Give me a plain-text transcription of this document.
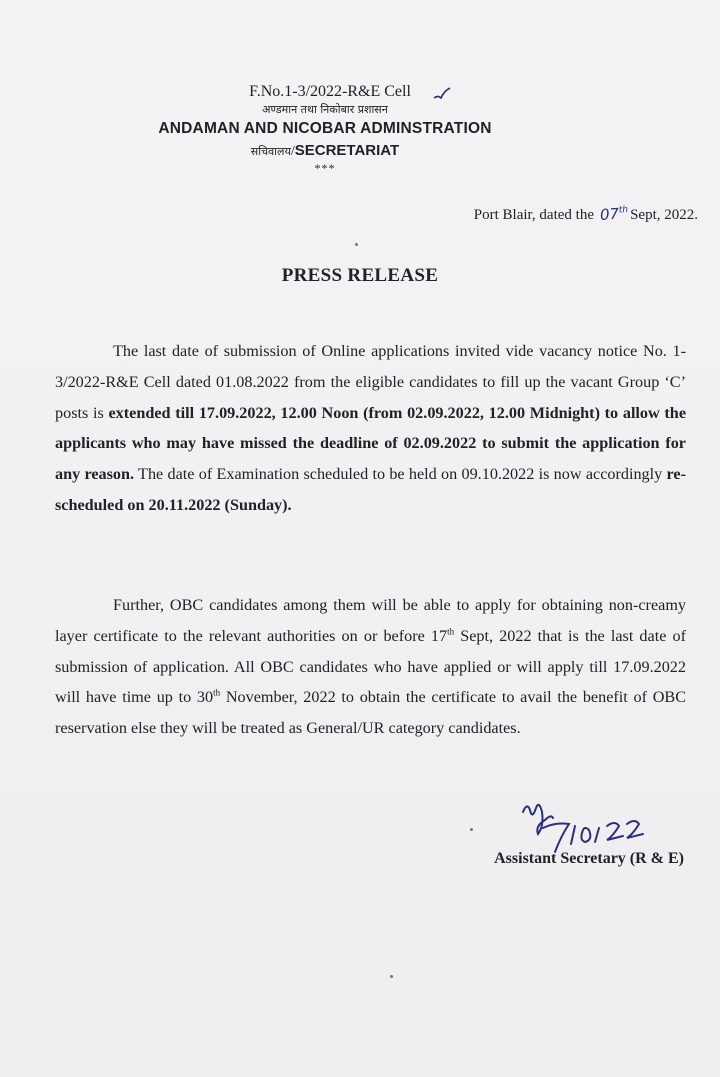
F.No.1-3/2022-R&E Cell
अण्डमान तथा निकोबार प्रशासन
ANDAMAN AND NICOBAR ADMINSTRATION
सचिवालय/SECRETARIAT
***
Port Blair, dated the 07th Sept, 2022.
PRESS RELEASE

The last date of submission of Online applications invited vide vacancy notice No. 1-3/2022-R&E Cell dated 01.08.2022 from the eligible candidates to fill up the vacant Group ‘C’ posts is extended till 17.09.2022, 12.00 Noon (from 02.09.2022, 12.00 Midnight) to allow the applicants who may have missed the deadline of 02.09.2022 to submit the application for any reason. The date of Examination scheduled to be held on 09.10.2022 is now accordingly re-scheduled on 20.11.2022 (Sunday).

Further, OBC candidates among them will be able to apply for obtaining non-creamy layer certificate to the relevant authorities on or before 17th Sept, 2022 that is the last date of submission of application. All OBC candidates who have applied or will apply till 17.09.2022 will have time up to 30th November, 2022 to obtain the certificate to avail the benefit of OBC reservation else they will be treated as General/UR category candidates.

Assistant Secretary (R & E)
